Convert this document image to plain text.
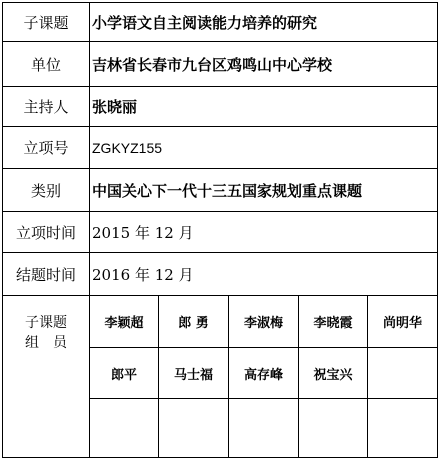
子课题	小学语文自主阅读能力培养的研究
单位	吉林省长春市九台区鸡鸣山中心学校
主持人	张晓丽
立项号	ZGKYZ155
类别	中国关心下一代十三五国家规划重点课题
立项时间	2015 年 12 月
结题时间	2016 年 12 月
子课题
组　员
李颖超	郎 勇	李淑梅	李晓霞	尚明华
郎平	马士福	高存峰	祝宝兴
